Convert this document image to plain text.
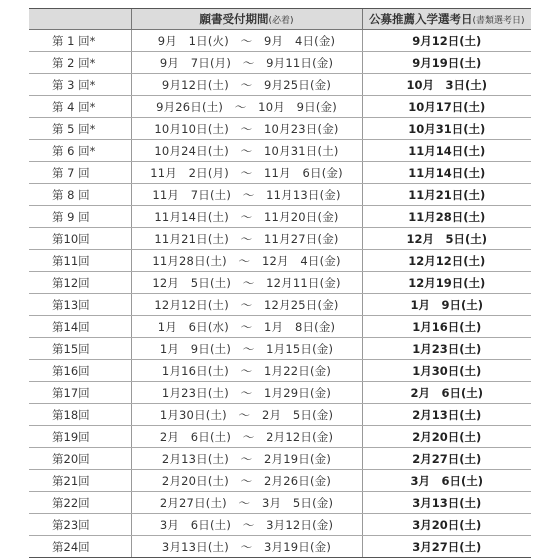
	願書受付期間(必着)	公募推薦入学選考日(書類選考日)
第 1 回*	9月　1日(火)　〜　9月　4日(金)	9月12日(土)
第 2 回*	9月　7日(月)　〜　9月11日(金)	9月19日(土)
第 3 回*	9月12日(土)　〜　9月25日(金)	10月　3日(土)
第 4 回*	9月26日(土)　〜　10月　9日(金)	10月17日(土)
第 5 回*	10月10日(土)　〜　10月23日(金)	10月31日(土)
第 6 回*	10月24日(土)　〜　10月31日(土)	11月14日(土)
第 7 回	11月　2日(月)　〜　11月　6日(金)	11月14日(土)
第 8 回	11月　7日(土)　〜　11月13日(金)	11月21日(土)
第 9 回	11月14日(土)　〜　11月20日(金)	11月28日(土)
第10回	11月21日(土)　〜　11月27日(金)	12月　5日(土)
第11回	11月28日(土)　〜　12月　4日(金)	12月12日(土)
第12回	12月　5日(土)　〜　12月11日(金)	12月19日(土)
第13回	12月12日(土)　〜　12月25日(金)	1月　9日(土)
第14回	1月　6日(水)　〜　1月　8日(金)	1月16日(土)
第15回	1月　9日(土)　〜　1月15日(金)	1月23日(土)
第16回	1月16日(土)　〜　1月22日(金)	1月30日(土)
第17回	1月23日(土)　〜　1月29日(金)	2月　6日(土)
第18回	1月30日(土)　〜　2月　5日(金)	2月13日(土)
第19回	2月　6日(土)　〜　2月12日(金)	2月20日(土)
第20回	2月13日(土)　〜　2月19日(金)	2月27日(土)
第21回	2月20日(土)　〜　2月26日(金)	3月　6日(土)
第22回	2月27日(土)　〜　3月　5日(金)	3月13日(土)
第23回	3月　6日(土)　〜　3月12日(金)	3月20日(土)
第24回	3月13日(土)　〜　3月19日(金)	3月27日(土)
